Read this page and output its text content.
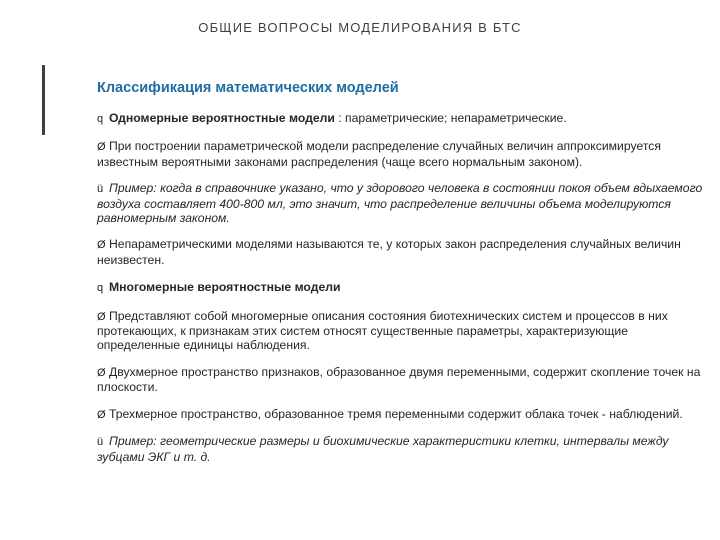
ОБЩИЕ ВОПРОСЫ МОДЕЛИРОВАНИЯ В БТС
Классификация математических моделей

q Одномерные вероятностные модели : параметрические; непараметрические.

Ø При построении параметрической модели распределение случайных величин аппроксимируется известным вероятными законами распределения (чаще всего нормальным законом).

ü Пример: когда в справочнике указано, что у здорового человека в состоянии покоя объем вдыхаемого воздуха составляет 400-800 мл, это значит, что распределение величины объема моделируются равномерным законом.

Ø Непараметрическими моделями называются те, у которых закон распределения случайных величин неизвестен.

q Многомерные вероятностные модели

Ø Представляют собой многомерные описания состояния биотехнических систем и процессов в них протекающих, к признакам этих систем относят существенные параметры, характеризующие определенные единицы наблюдения.

Ø Двухмерное пространство признаков, образованное двумя переменными, содержит скопление точек на плоскости.

Ø Трехмерное пространство, образованное тремя переменными содержит облака точек - наблюдений.

ü Пример: геометрические размеры и биохимические характеристики клетки, интервалы между зубцами ЭКГ и т. д.
